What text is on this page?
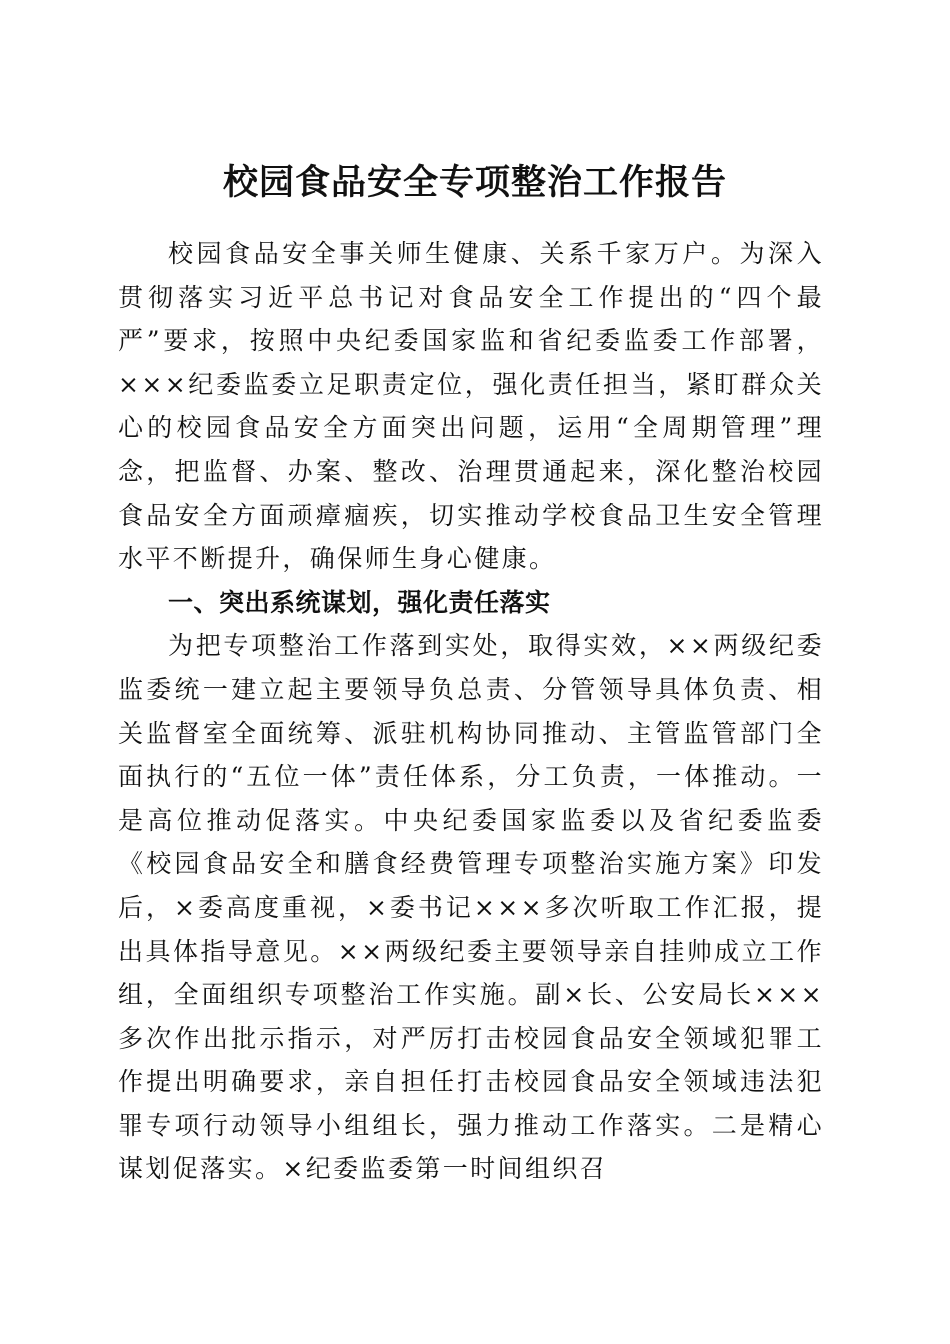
校园食品安全专项整治工作报告

校园食品安全事关师生健康、关系千家万户。为深入贯彻落实习近平总书记对食品安全工作提出的“四个最严”要求，按照中央纪委国家监和省纪委监委工作部署，×××纪委监委立足职责定位，强化责任担当，紧盯群众关心的校园食品安全方面突出问题，运用“全周期管理”理念，把监督、办案、整改、治理贯通起来，深化整治校园食品安全方面顽瘴痼疾，切实推动学校食品卫生安全管理水平不断提升，确保师生身心健康。

一、突出系统谋划，强化责任落实

为把专项整治工作落到实处，取得实效，××两级纪委监委统一建立起主要领导负总责、分管领导具体负责、相关监督室全面统筹、派驻机构协同推动、主管监管部门全面执行的“五位一体”责任体系，分工负责，一体推动。一是高位推动促落实。中央纪委国家监委以及省纪委监委《校园食品安全和膳食经费管理专项整治实施方案》印发后，×委高度重视，×委书记×××多次听取工作汇报，提出具体指导意见。××两级纪委主要领导亲自挂帅成立工作组，全面组织专项整治工作实施。副×长、公安局长×××多次作出批示指示，对严厉打击校园食品安全领域犯罪工作提出明确要求，亲自担任打击校园食品安全领域违法犯罪专项行动领导小组组长，强力推动工作落实。二是精心谋划促落实。×纪委监委第一时间组织召
